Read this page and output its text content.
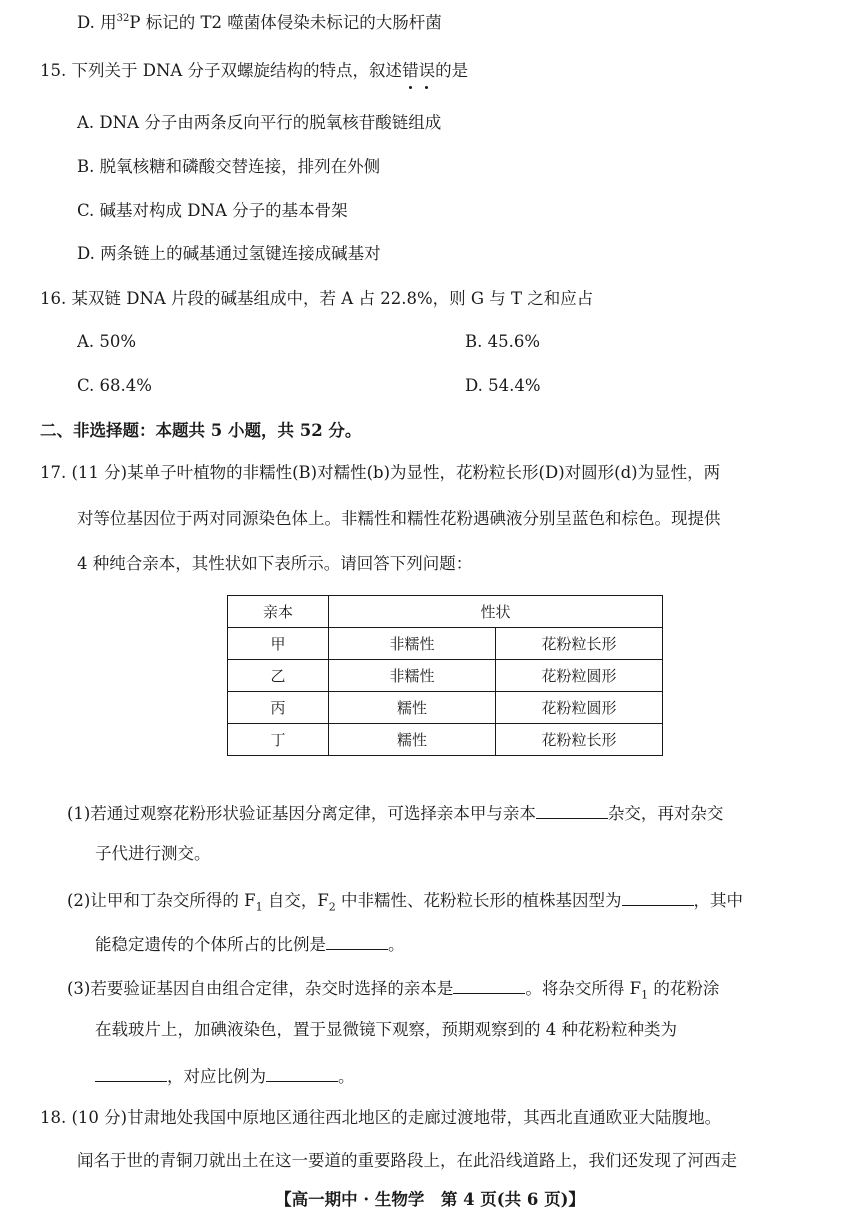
D. 用$^{32}$P 标记的 T2 噬菌体侵染未标记的大肠杆菌
15. 下列关于 DNA 分子双螺旋结构的特点，叙述错误的是
A. DNA 分子由两条反向平行的脱氧核苷酸链组成
B. 脱氧核糖和磷酸交替连接，排列在外侧
C. 碱基对构成 DNA 分子的基本骨架
D. 两条链上的碱基通过氢键连接成碱基对
16. 某双链 DNA 片段的碱基组成中，若 A 占 22.8%，则 G 与 T 之和应占
A. 50%	B. 45.6%
C. 68.4%	D. 54.4%
二、非选择题：本题共 5 小题，共 52 分。
17. (11 分)某单子叶植物的非糯性(B)对糯性(b)为显性，花粉粒长形(D)对圆形(d)为显性，两
对等位基因位于两对同源染色体上。非糯性和糯性花粉遇碘液分别呈蓝色和棕色。现提供
4 种纯合亲本，其性状如下表所示。请回答下列问题：
亲本	性状	
甲	非糯性	花粉粒长形
乙	非糯性	花粉粒圆形
丙	糯性	花粉粒圆形
丁	糯性	花粉粒长形
(1)若通过观察花粉形状验证基因分离定律，可选择亲本甲与亲本	杂交，再对杂交
子代进行测交。
(2)让甲和丁杂交所得的 $F_1$ 自交，$F_2$ 中非糯性、花粉粒长形的植株基因型为	，其中
能稳定遗传的个体所占的比例是	。
(3)若要验证基因自由组合定律，杂交时选择的亲本是	。将杂交所得 $F_1$ 的花粉涂
在载玻片上，加碘液染色，置于显微镜下观察，预期观察到的 4 种花粉粒种类为
，对应比例为	。
18. (10 分)甘肃地处我国中原地区通往西北地区的走廊过渡地带，其西北直通欧亚大陆腹地。
闻名于世的青铜刀就出土在这一要道的重要路段上，在此沿线道路上，我们还发现了河西走
【高一期中 · 生物学　第 4 页(共 6 页)】
